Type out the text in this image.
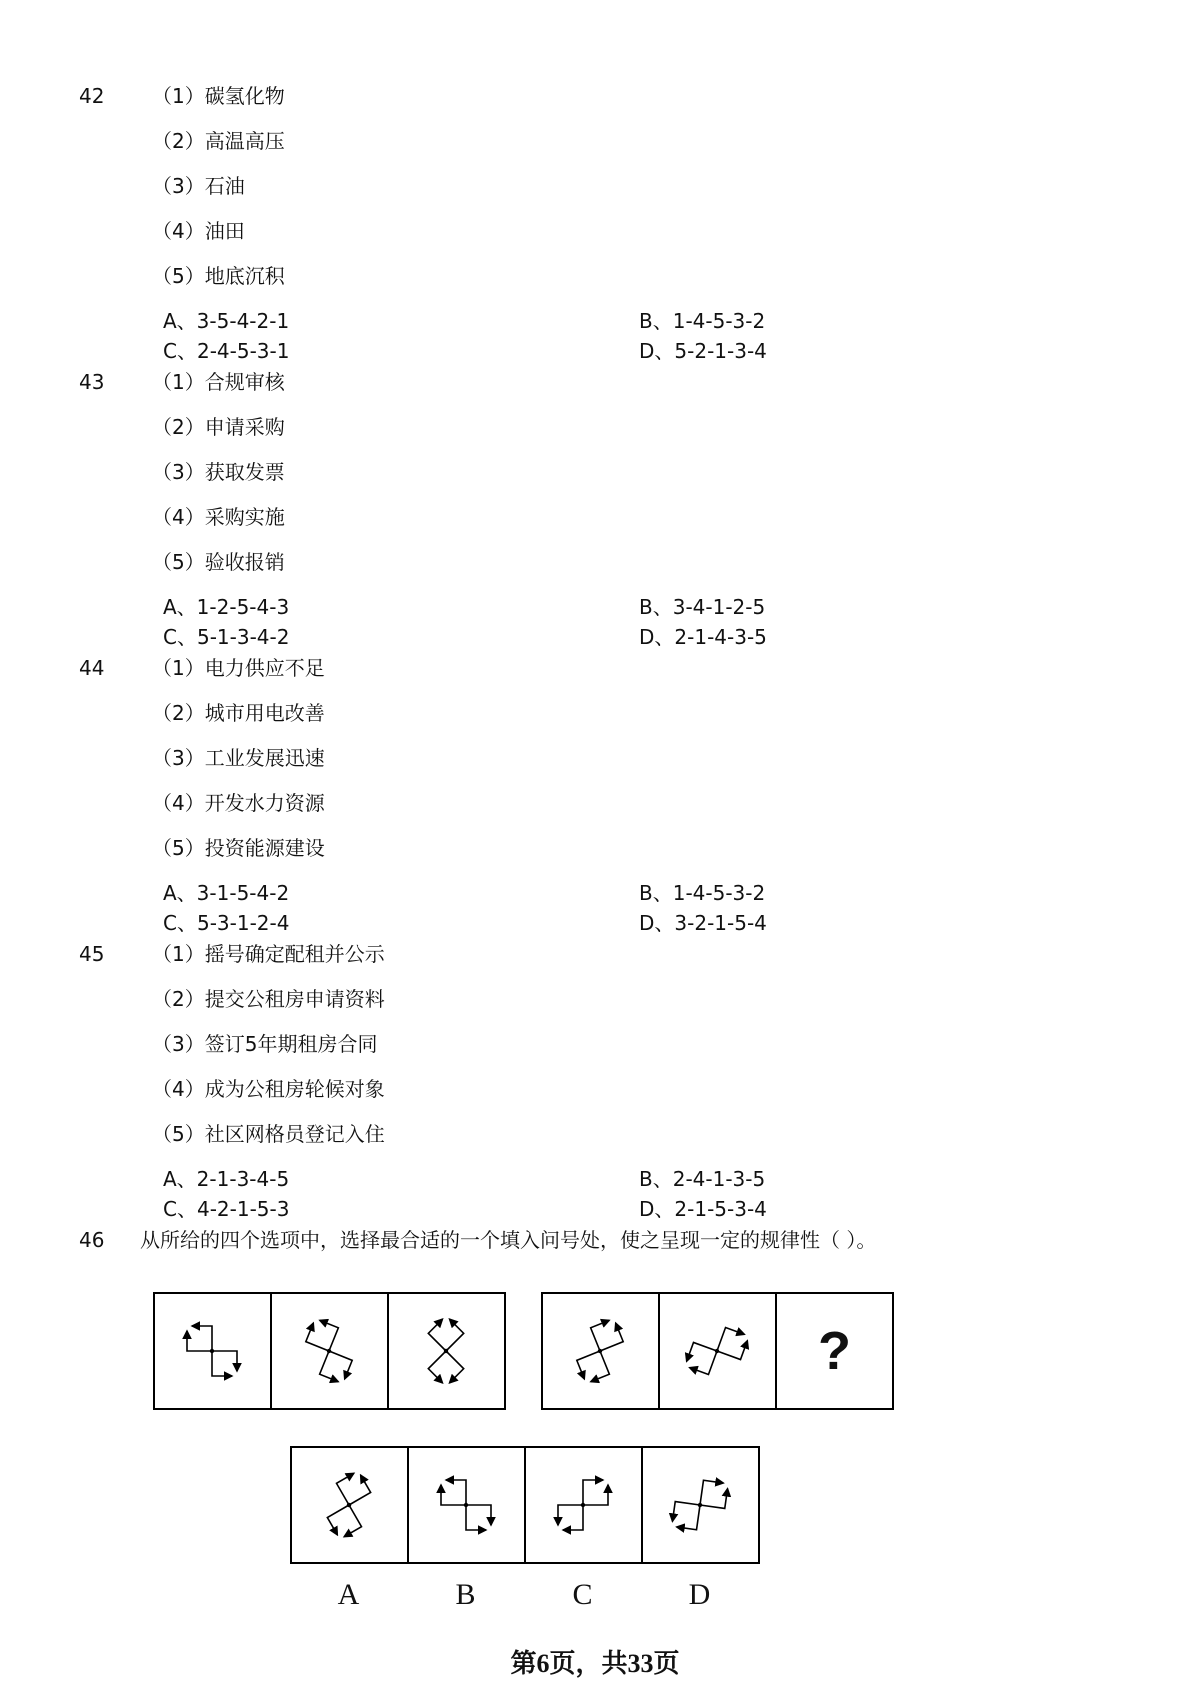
42 （1）碳氢化物
（2）高温高压
（3）石油
（4）油田
（5）地底沉积
A、3-5-4-2-1	B、1-4-5-3-2
C、2-4-5-3-1	D、5-2-1-3-4
43 （1）合规审核
（2）申请采购
（3）获取发票
（4）采购实施
（5）验收报销
A、1-2-5-4-3	B、3-4-1-2-5
C、5-1-3-4-2	D、2-1-4-3-5
44 （1）电力供应不足
（2）城市用电改善
（3）工业发展迅速
（4）开发水力资源
（5）投资能源建设
A、3-1-5-4-2	B、1-4-5-3-2
C、5-3-1-2-4	D、3-2-1-5-4
45 （1）摇号确定配租并公示
（2）提交公租房申请资料
（3）签订5年期租房合同
（4）成为公租房轮候对象
（5）社区网格员登记入住
A、2-1-3-4-5	B、2-4-1-3-5
C、4-2-1-5-3	D、2-1-5-3-4
46 从所给的四个选项中，选择最合适的一个填入问号处，使之呈现一定的规律性（ ）。
?
A	B	C	D
第6页，共33页
